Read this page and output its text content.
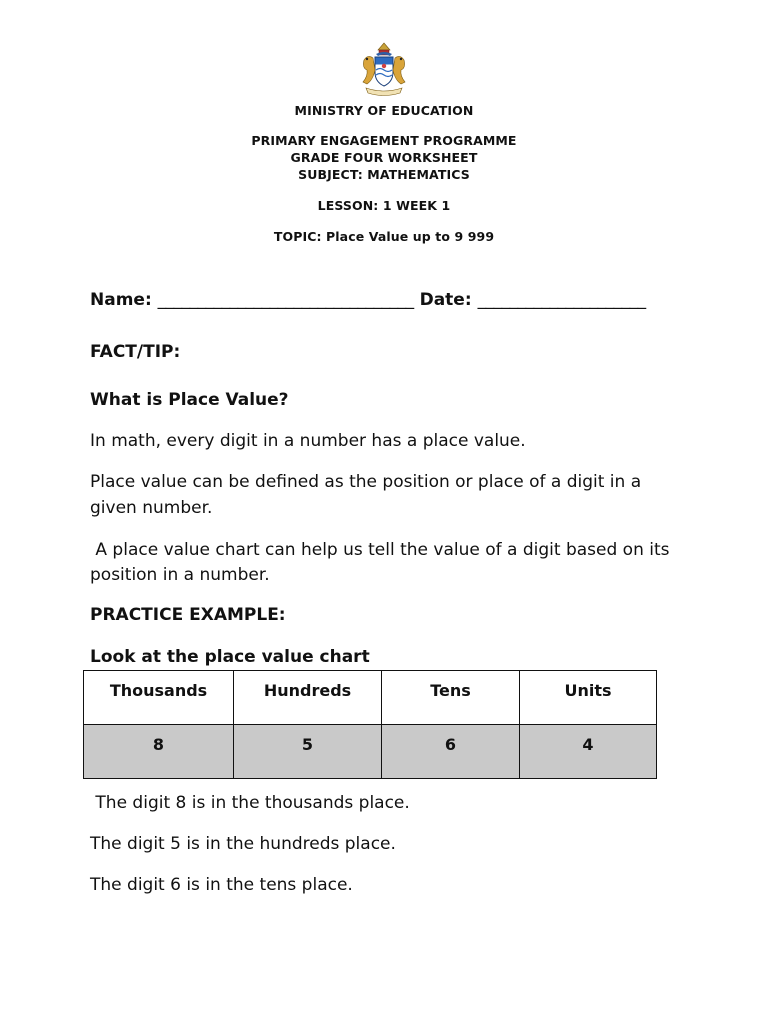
MINISTRY OF EDUCATION
PRIMARY ENGAGEMENT PROGRAMME
GRADE FOUR WORKSHEET
SUBJECT: MATHEMATICS
LESSON: 1 WEEK 1
TOPIC: Place Value up to 9 999
Name: ________________________________ Date: _____________________
FACT/TIP:
What is Place Value?
In math, every digit in a number has a place value.
Place value can be defined as the position or place of a digit in a
given number.
A place value chart can help us tell the value of a digit based on its
position in a number.
PRACTICE EXAMPLE:
Look at the place value chart
Thousands	Hundreds	Tens	Units
8	5	6	4
The digit 8 is in the thousands place.
The digit 5 is in the hundreds place.
The digit 6 is in the tens place.
